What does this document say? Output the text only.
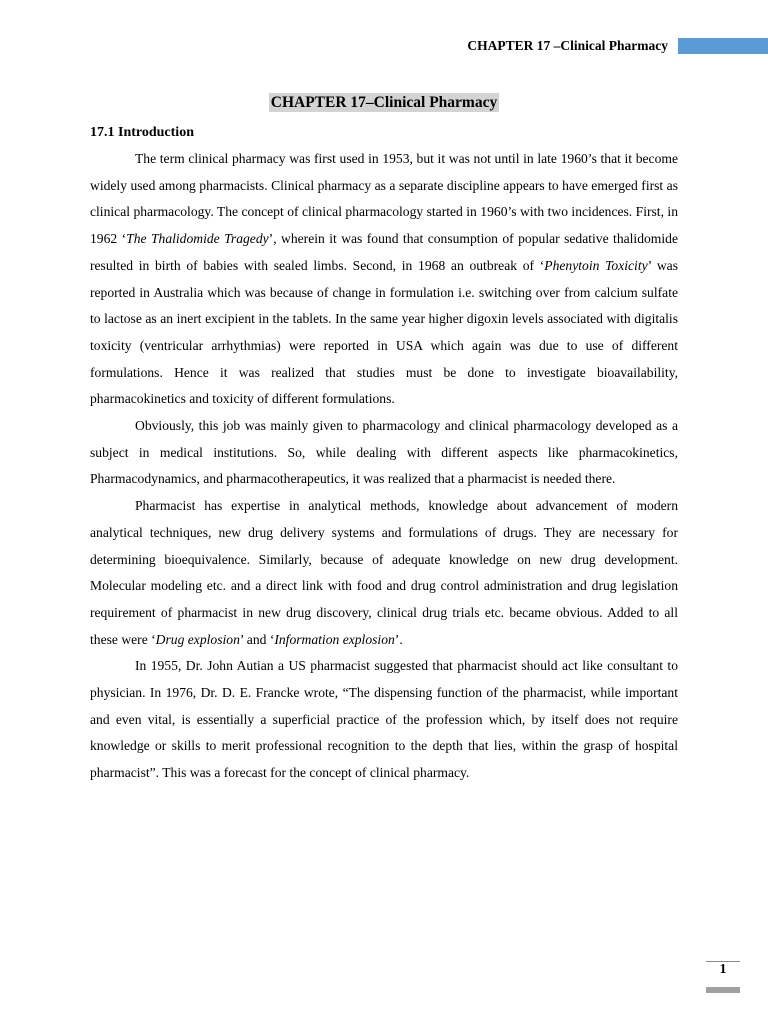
CHAPTER 17 –Clinical Pharmacy
CHAPTER 17–Clinical Pharmacy
17.1 Introduction

The term clinical pharmacy was first used in 1953, but it was not until in late 1960’s that it become widely used among pharmacists. Clinical pharmacy as a separate discipline appears to have emerged first as clinical pharmacology. The concept of clinical pharmacology started in 1960’s with two incidences. First, in 1962 ‘The Thalidomide Tragedy’, wherein it was found that consumption of popular sedative thalidomide resulted in birth of babies with sealed limbs. Second, in 1968 an outbreak of ‘Phenytoin Toxicity’ was reported in Australia which was because of change in formulation i.e. switching over from calcium sulfate to lactose as an inert excipient in the tablets. In the same year higher digoxin levels associated with digitalis toxicity (ventricular arrhythmias) were reported in USA which again was due to use of different formulations. Hence it was realized that studies must be done to investigate bioavailability, pharmacokinetics and toxicity of different formulations.

Obviously, this job was mainly given to pharmacology and clinical pharmacology developed as a subject in medical institutions. So, while dealing with different aspects like pharmacokinetics, Pharmacodynamics, and pharmacotherapeutics, it was realized that a pharmacist is needed there.

Pharmacist has expertise in analytical methods, knowledge about advancement of modern analytical techniques, new drug delivery systems and formulations of drugs. They are necessary for determining bioequivalence. Similarly, because of adequate knowledge on new drug development. Molecular modeling etc. and a direct link with food and drug control administration and drug legislation requirement of pharmacist in new drug discovery, clinical drug trials etc. became obvious. Added to all these were ‘Drug explosion’ and ‘Information explosion’.

In 1955, Dr. John Autian a US pharmacist suggested that pharmacist should act like consultant to physician. In 1976, Dr. D. E. Francke wrote, “The dispensing function of the pharmacist, while important and even vital, is essentially a superficial practice of the profession which, by itself does not require knowledge or skills to merit professional recognition to the depth that lies, within the grasp of hospital pharmacist”. This was a forecast for the concept of clinical pharmacy.

1
